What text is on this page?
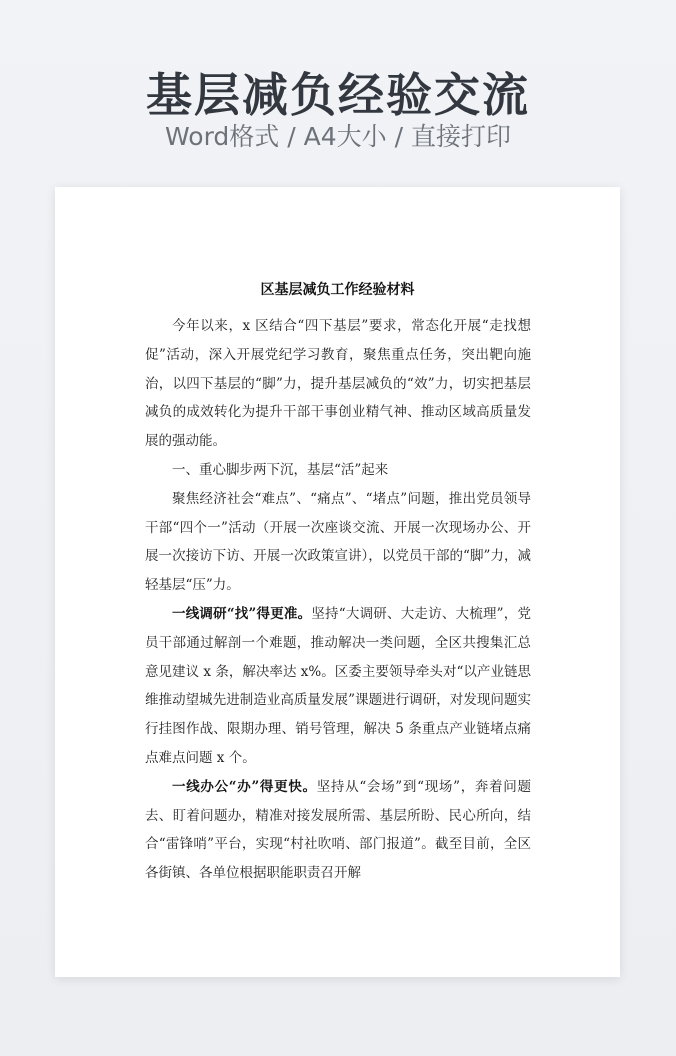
基层减负经验交流
Word格式 / A4大小 / 直接打印
区基层减负工作经验材料

今年以来，x 区结合“四下基层”要求，常态化开展“走找想促”活动，深入开展党纪学习教育，聚焦重点任务，突出靶向施治，以四下基层的“脚”力，提升基层减负的“效”力，切实把基层减负的成效转化为提升干部干事创业精气神、推动区域高质量发展的强动能。

一、重心脚步两下沉，基层“活”起来

聚焦经济社会“难点”、“痛点”、“堵点”问题，推出党员领导干部“四个一”活动（开展一次座谈交流、开展一次现场办公、开展一次接访下访、开展一次政策宣讲），以党员干部的“脚”力，减轻基层“压”力。

一线调研“找”得更准。坚持“大调研、大走访、大梳理”，党员干部通过解剖一个难题，推动解决一类问题，全区共搜集汇总意见建议 x 条，解决率达 x%。区委主要领导牵头对“以产业链思维推动望城先进制造业高质量发展”课题进行调研，对发现问题实行挂图作战、限期办理、销号管理，解决 5 条重点产业链堵点痛点难点问题 x 个。

一线办公“办”得更快。坚持从“会场”到“现场”，奔着问题去、盯着问题办，精准对接发展所需、基层所盼、民心所向，结合“雷锋哨”平台，实现“村社吹哨、部门报道”。截至目前，全区各街镇、各单位根据职能职责召开解
